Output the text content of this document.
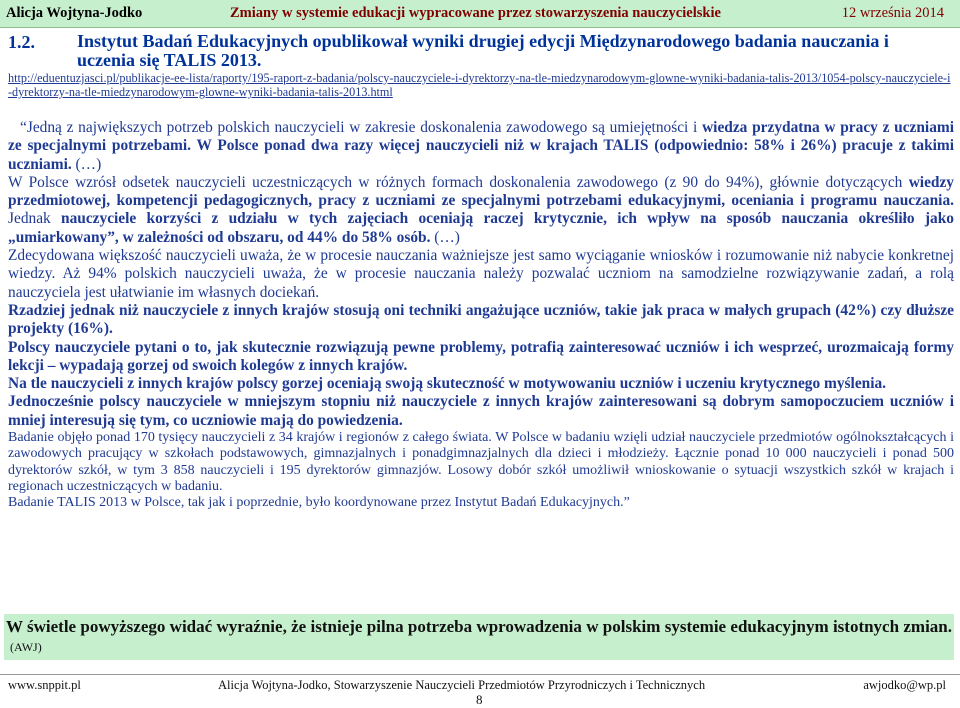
Alicja Wojtyna-Jodko	Zmiany w systemie edukacji wypracowane przez stowarzyszenia nauczycielskie	12 września 2014
1.2. Instytut Badań Edukacyjnych opublikował wyniki drugiej edycji Międzynarodowego badania nauczania i uczenia się TALIS 2013.
http://eduentuzjasci.pl/publikacje-ee-lista/raporty/195-raport-z-badania/polscy-nauczyciele-i-dyrektorzy-na-tle-miedzynarodowym-glowne-wyniki-badania-talis-2013/1054-polscy-nauczyciele-i-dyrektorzy-na-tle-miedzynarodowym-glowne-wyniki-badania-talis-2013.html

“Jedną z największych potrzeb polskich nauczycieli w zakresie doskonalenia zawodowego są umiejętności i wiedza przydatna w pracy z uczniami ze specjalnymi potrzebami. W Polsce ponad dwa razy więcej nauczycieli niż w krajach TALIS (odpowiednio: 58% i 26%) pracuje z takimi uczniami. (…)

W Polsce wzrósł odsetek nauczycieli uczestniczących w różnych formach doskonalenia zawodowego (z 90 do 94%), głównie dotyczących wiedzy przedmiotowej, kompetencji pedagogicznych, pracy z uczniami ze specjalnymi potrzebami edukacyjnymi, oceniania i programu nauczania. Jednak nauczyciele korzyści z udziału w tych zajęciach oceniają raczej krytycznie, ich wpływ na sposób nauczania określiło jako „umiarkowany”, w zależności od obszaru, od 44% do 58% osób. (…)

Zdecydowana większość nauczycieli uważa, że w procesie nauczania ważniejsze jest samo wyciąganie wniosków i rozumowanie niż nabycie konkretnej wiedzy. Aż 94% polskich nauczycieli uważa, że w procesie nauczania należy pozwalać uczniom na samodzielne rozwiązywanie zadań, a rolą nauczyciela jest ułatwianie im własnych dociekań.

Rzadziej jednak niż nauczyciele z innych krajów stosują oni techniki angażujące uczniów, takie jak praca w małych grupach (42%) czy dłuższe projekty (16%).

Polscy nauczyciele pytani o to, jak skutecznie rozwiązują pewne problemy, potrafią zainteresować uczniów i ich wesprzeć, urozmaicają formy lekcji – wypadają gorzej od swoich kolegów z innych krajów.

Na tle nauczycieli z innych krajów polscy gorzej oceniają swoją skuteczność w motywowaniu uczniów i uczeniu krytycznego myślenia.

Jednocześnie polscy nauczyciele w mniejszym stopniu niż nauczyciele z innych krajów zainteresowani są dobrym samopoczuciem uczniów i mniej interesują się tym, co uczniowie mają do powiedzenia.

Badanie objęło ponad 170 tysięcy nauczycieli z 34 krajów i regionów z całego świata. W Polsce w badaniu wzięli udział nauczyciele przedmiotów ogólnokształcących i zawodowych pracujący w szkołach podstawowych, gimnazjalnych i ponadgimnazjalnych dla dzieci i młodzieży. Łącznie ponad 10 000 nauczycieli i ponad 500 dyrektorów szkół, w tym 3 858 nauczycieli i 195 dyrektorów gimnazjów. Losowy dobór szkół umożliwił wnioskowanie o sytuacji wszystkich szkół w krajach i regionach uczestniczących w badaniu.

Badanie TALIS 2013 w Polsce, tak jak i poprzednie, było koordynowane przez Instytut Badań Edukacyjnych.”

W świetle powyższego widać wyraźnie, że istnieje pilna potrzeba wprowadzenia w polskim systemie edukacyjnym istotnych zmian.$^{(AWJ)}$
www.snppit.pl	Alicja Wojtyna-Jodko, Stowarzyszenie Nauczycieli Przedmiotów Przyrodniczych i Technicznych	awjodko@wp.pl
8
